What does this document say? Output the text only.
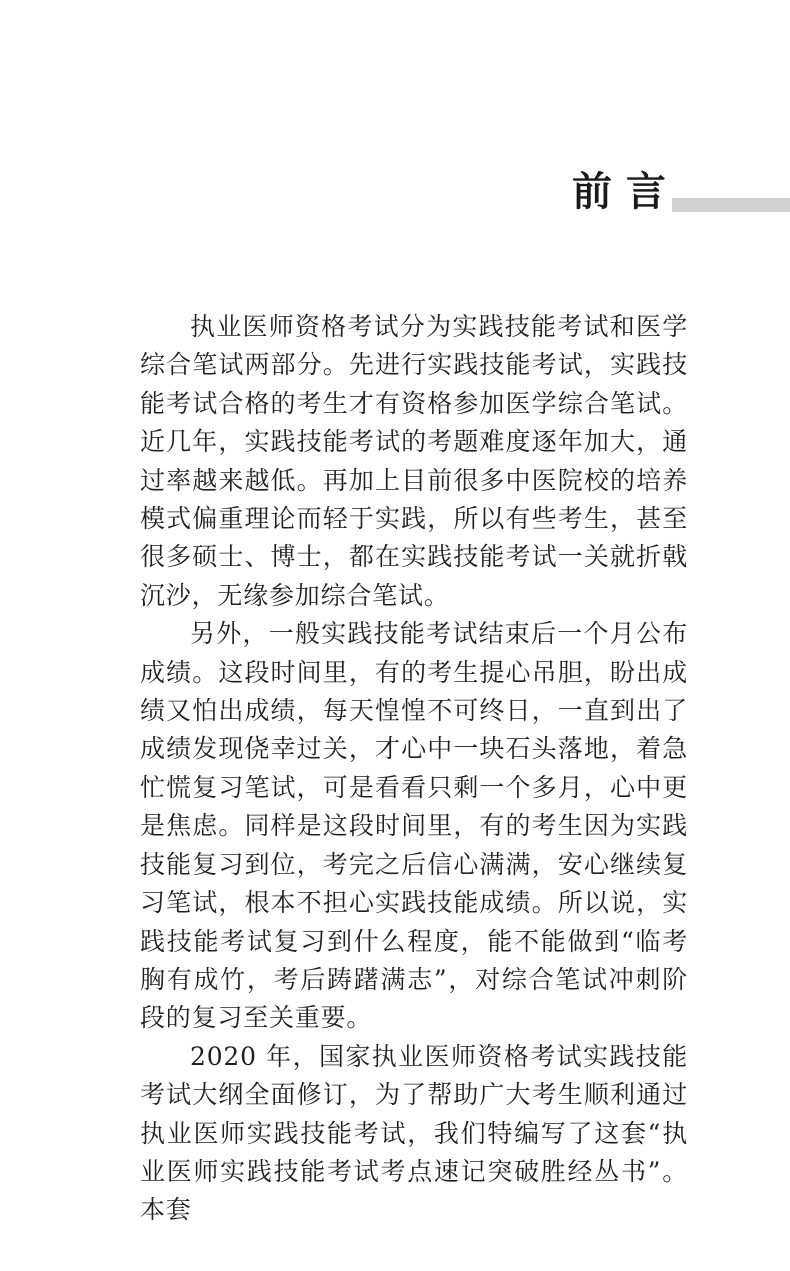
前 言

执业医师资格考试分为实践技能考试和医学综合笔试两部分。先进行实践技能考试，实践技能考试合格的考生才有资格参加医学综合笔试。近几年，实践技能考试的考题难度逐年加大，通过率越来越低。再加上目前很多中医院校的培养模式偏重理论而轻于实践，所以有些考生，甚至很多硕士、博士，都在实践技能考试一关就折戟沉沙，无缘参加综合笔试。

另外，一般实践技能考试结束后一个月公布成绩。这段时间里，有的考生提心吊胆，盼出成绩又怕出成绩，每天惶惶不可终日，一直到出了成绩发现侥幸过关，才心中一块石头落地，着急忙慌复习笔试，可是看看只剩一个多月，心中更是焦虑。同样是这段时间里，有的考生因为实践技能复习到位，考完之后信心满满，安心继续复习笔试，根本不担心实践技能成绩。所以说，实践技能考试复习到什么程度，能不能做到“临考胸有成竹，考后踌躇满志”，对综合笔试冲刺阶段的复习至关重要。

2020 年，国家执业医师资格考试实践技能考试大纲全面修订，为了帮助广大考生顺利通过执业医师实践技能考试，我们特编写了这套“执业医师实践技能考试考点速记突破胜经丛书”。本套
